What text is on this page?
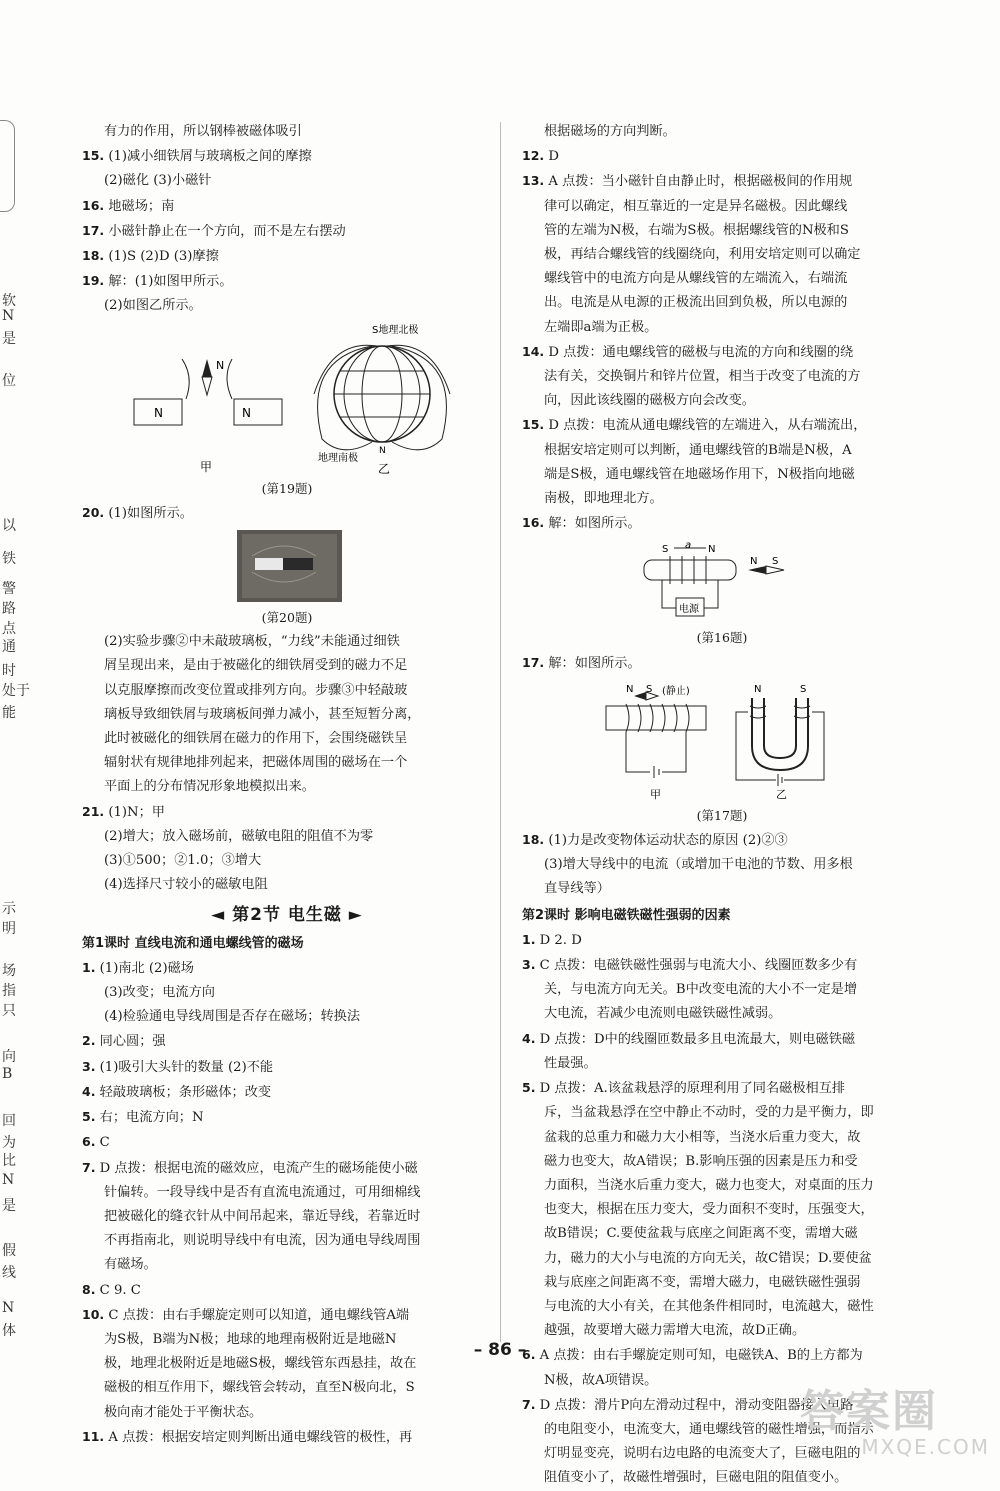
软
N
是
位
以
铁
警
路
点
通
时
处于
能
示
明
场
指
只
向
B
回
为
比
N
是
假
线
N
体
有力的作用，所以钢棒被磁体吸引
15. (1)减小细铁屑与玻璃板之间的摩擦
(2)磁化 (3)小磁针
16. 地磁场；南
17. 小磁针静止在一个方向，而不是左右摆动
18. (1)S (2)D (3)摩擦
19. 解：(1)如图甲所示。
(2)如图乙所示。
N	N
N
甲
S地理北极
地理南极
N
乙
(第19题)
20. (1)如图所示。
(第20题)
(2)实验步骤②中未敲玻璃板，“力线”未能通过细铁
屑呈现出来，是由于被磁化的细铁屑受到的磁力不足
以克服摩擦而改变位置或排列方向。步骤③中轻敲玻
璃板导致细铁屑与玻璃板间弹力减小，甚至短暂分离，
此时被磁化的细铁屑在磁力的作用下，会围绕磁铁呈
辐射状有规律地排列起来，把磁体周围的磁场在一个
平面上的分布情况形象地模拟出来。
21. (1)N；甲
(2)增大；放入磁场前，磁敏电阻的阻值不为零
(3)①500；②1.0；③增大
(4)选择尺寸较小的磁敏电阻
◄ 第2节 电生磁 ►
第1课时 直线电流和通电螺线管的磁场
1. (1)南北 (2)磁场
(3)改变；电流方向
(4)检验通电导线周围是否存在磁场；转换法
2. 同心圆；强
3. (1)吸引大头针的数量 (2)不能
4. 轻敲玻璃板；条形磁体；改变
5. 右；电流方向；N
6. C
7. D 点拨：根据电流的磁效应，电流产生的磁场能使小磁
针偏转。一段导线中是否有直流电流通过，可用细棉线
把被磁化的缝衣针从中间吊起来，靠近导线，若靠近时
不再指南北，则说明导线中有电流，因为通电导线周围
有磁场。
8. C 9. C
10. C 点拨：由右手螺旋定则可以知道，通电螺线管A端
为S极，B端为N极；地球的地理南极附近是地磁N
极，地理北极附近是地磁S极，螺线管东西悬挂，故在
磁极的相互作用下，螺线管会转动，直至N极向北，S
极向南才能处于平衡状态。
11. A 点拨：根据安培定则判断出通电螺线管的极性，再
根据磁场的方向判断。
12. D
13. A 点拨：当小磁针自由静止时，根据磁极间的作用规
律可以确定，相互靠近的一定是异名磁极。因此螺线
管的左端为N极，右端为S极。根据螺线管的N极和S
极，再结合螺线管的线圈绕向，利用安培定则可以确定
螺线管中的电流方向是从螺线管的左端流入，右端流
出。电流是从电源的正极流出回到负极，所以电源的
左端即a端为正极。
14. D 点拨：通电螺线管的磁极与电流的方向和线圈的绕
法有关，交换铜片和锌片位置，相当于改变了电流的方
向，因此该线圈的磁极方向会改变。
15. D 点拨：电流从通电螺线管的左端进入，从右端流出，
根据安培定则可以判断，通电螺线管的B端是N极，A
端是S极，通电螺线管在地磁场作用下，N极指向地磁
南极，即地理北方。
16. 解：如图所示。
S a N
N S
电源
(第16题)
17. 解：如图所示。
N S (静止)
甲
N	S
乙
(第17题)
18. (1)力是改变物体运动状态的原因 (2)②③
(3)增大导线中的电流（或增加干电池的节数、用多根
直导线等）
第2课时 影响电磁铁磁性强弱的因素
1. D 2. D
3. C 点拨：电磁铁磁性强弱与电流大小、线圈匝数多少有
关，与电流方向无关。B中改变电流的大小不一定是增
大电流，若减少电流则电磁铁磁性减弱。
4. D 点拨：D中的线圈匝数最多且电流最大，则电磁铁磁
性最强。
5. D 点拨：A.该盆栽悬浮的原理利用了同名磁极相互排
斥，当盆栽悬浮在空中静止不动时，受的力是平衡力，即
盆栽的总重力和磁力大小相等，当浇水后重力变大，故
磁力也变大，故A错误；B.影响压强的因素是压力和受
力面积，当浇水后重力变大，磁力也变大，对桌面的压力
也变大，根据在压力变大，受力面积不变时，压强变大，
故B错误；C.要使盆栽与底座之间距离不变，需增大磁
力，磁力的大小与电流的方向无关，故C错误；D.要使盆
栽与底座之间距离不变，需增大磁力，电磁铁磁性强弱
与电流的大小有关，在其他条件相同时，电流越大，磁性
越强，故要增大磁力需增大电流，故D正确。
6. A 点拨：由右手螺旋定则可知，电磁铁A、B的上方都为
N极，故A项错误。
7. D 点拨：滑片P向左滑动过程中，滑动变阻器接入电路
的电阻变小，电流变大，通电螺线管的磁性增强，而指示
灯明显变亮，说明右边电路的电流变大了，巨磁电阻的
阻值变小了，故磁性增强时，巨磁电阻的阻值变小。
– 86 –
答案圈
MXQE.COM
